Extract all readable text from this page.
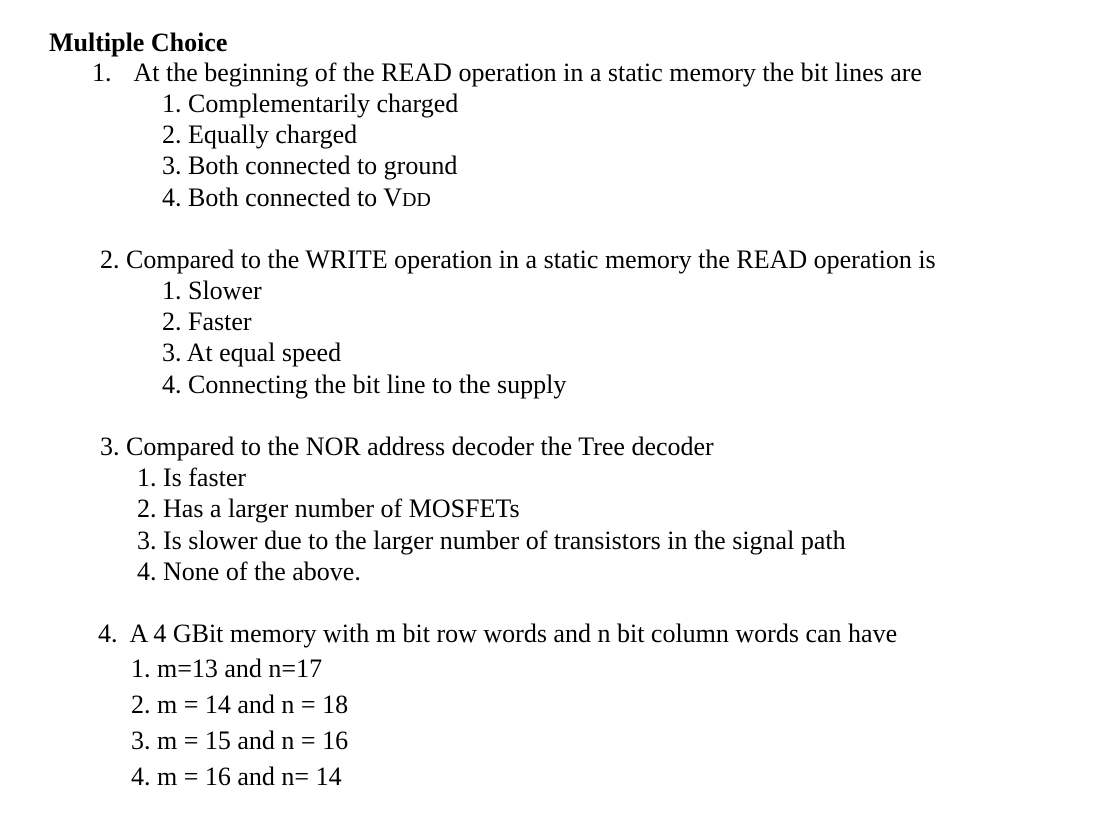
Multiple Choice
1. At the beginning of the READ operation in a static memory the bit lines are
1. Complementarily charged
2. Equally charged
3. Both connected to ground
4. Both connected to VDD
2. Compared to the WRITE operation in a static memory the READ operation is
1. Slower
2. Faster
3. At equal speed
4. Connecting the bit line to the supply
3. Compared to the NOR address decoder the Tree decoder
1. Is faster
2. Has a larger number of MOSFETs
3. Is slower due to the larger number of transistors in the signal path
4. None of the above.
4. A 4 GBit memory with m bit row words and n bit column words can have
1. m=13 and n=17
2. m = 14 and n = 18
3. m = 15 and n = 16
4. m = 16 and n= 14
